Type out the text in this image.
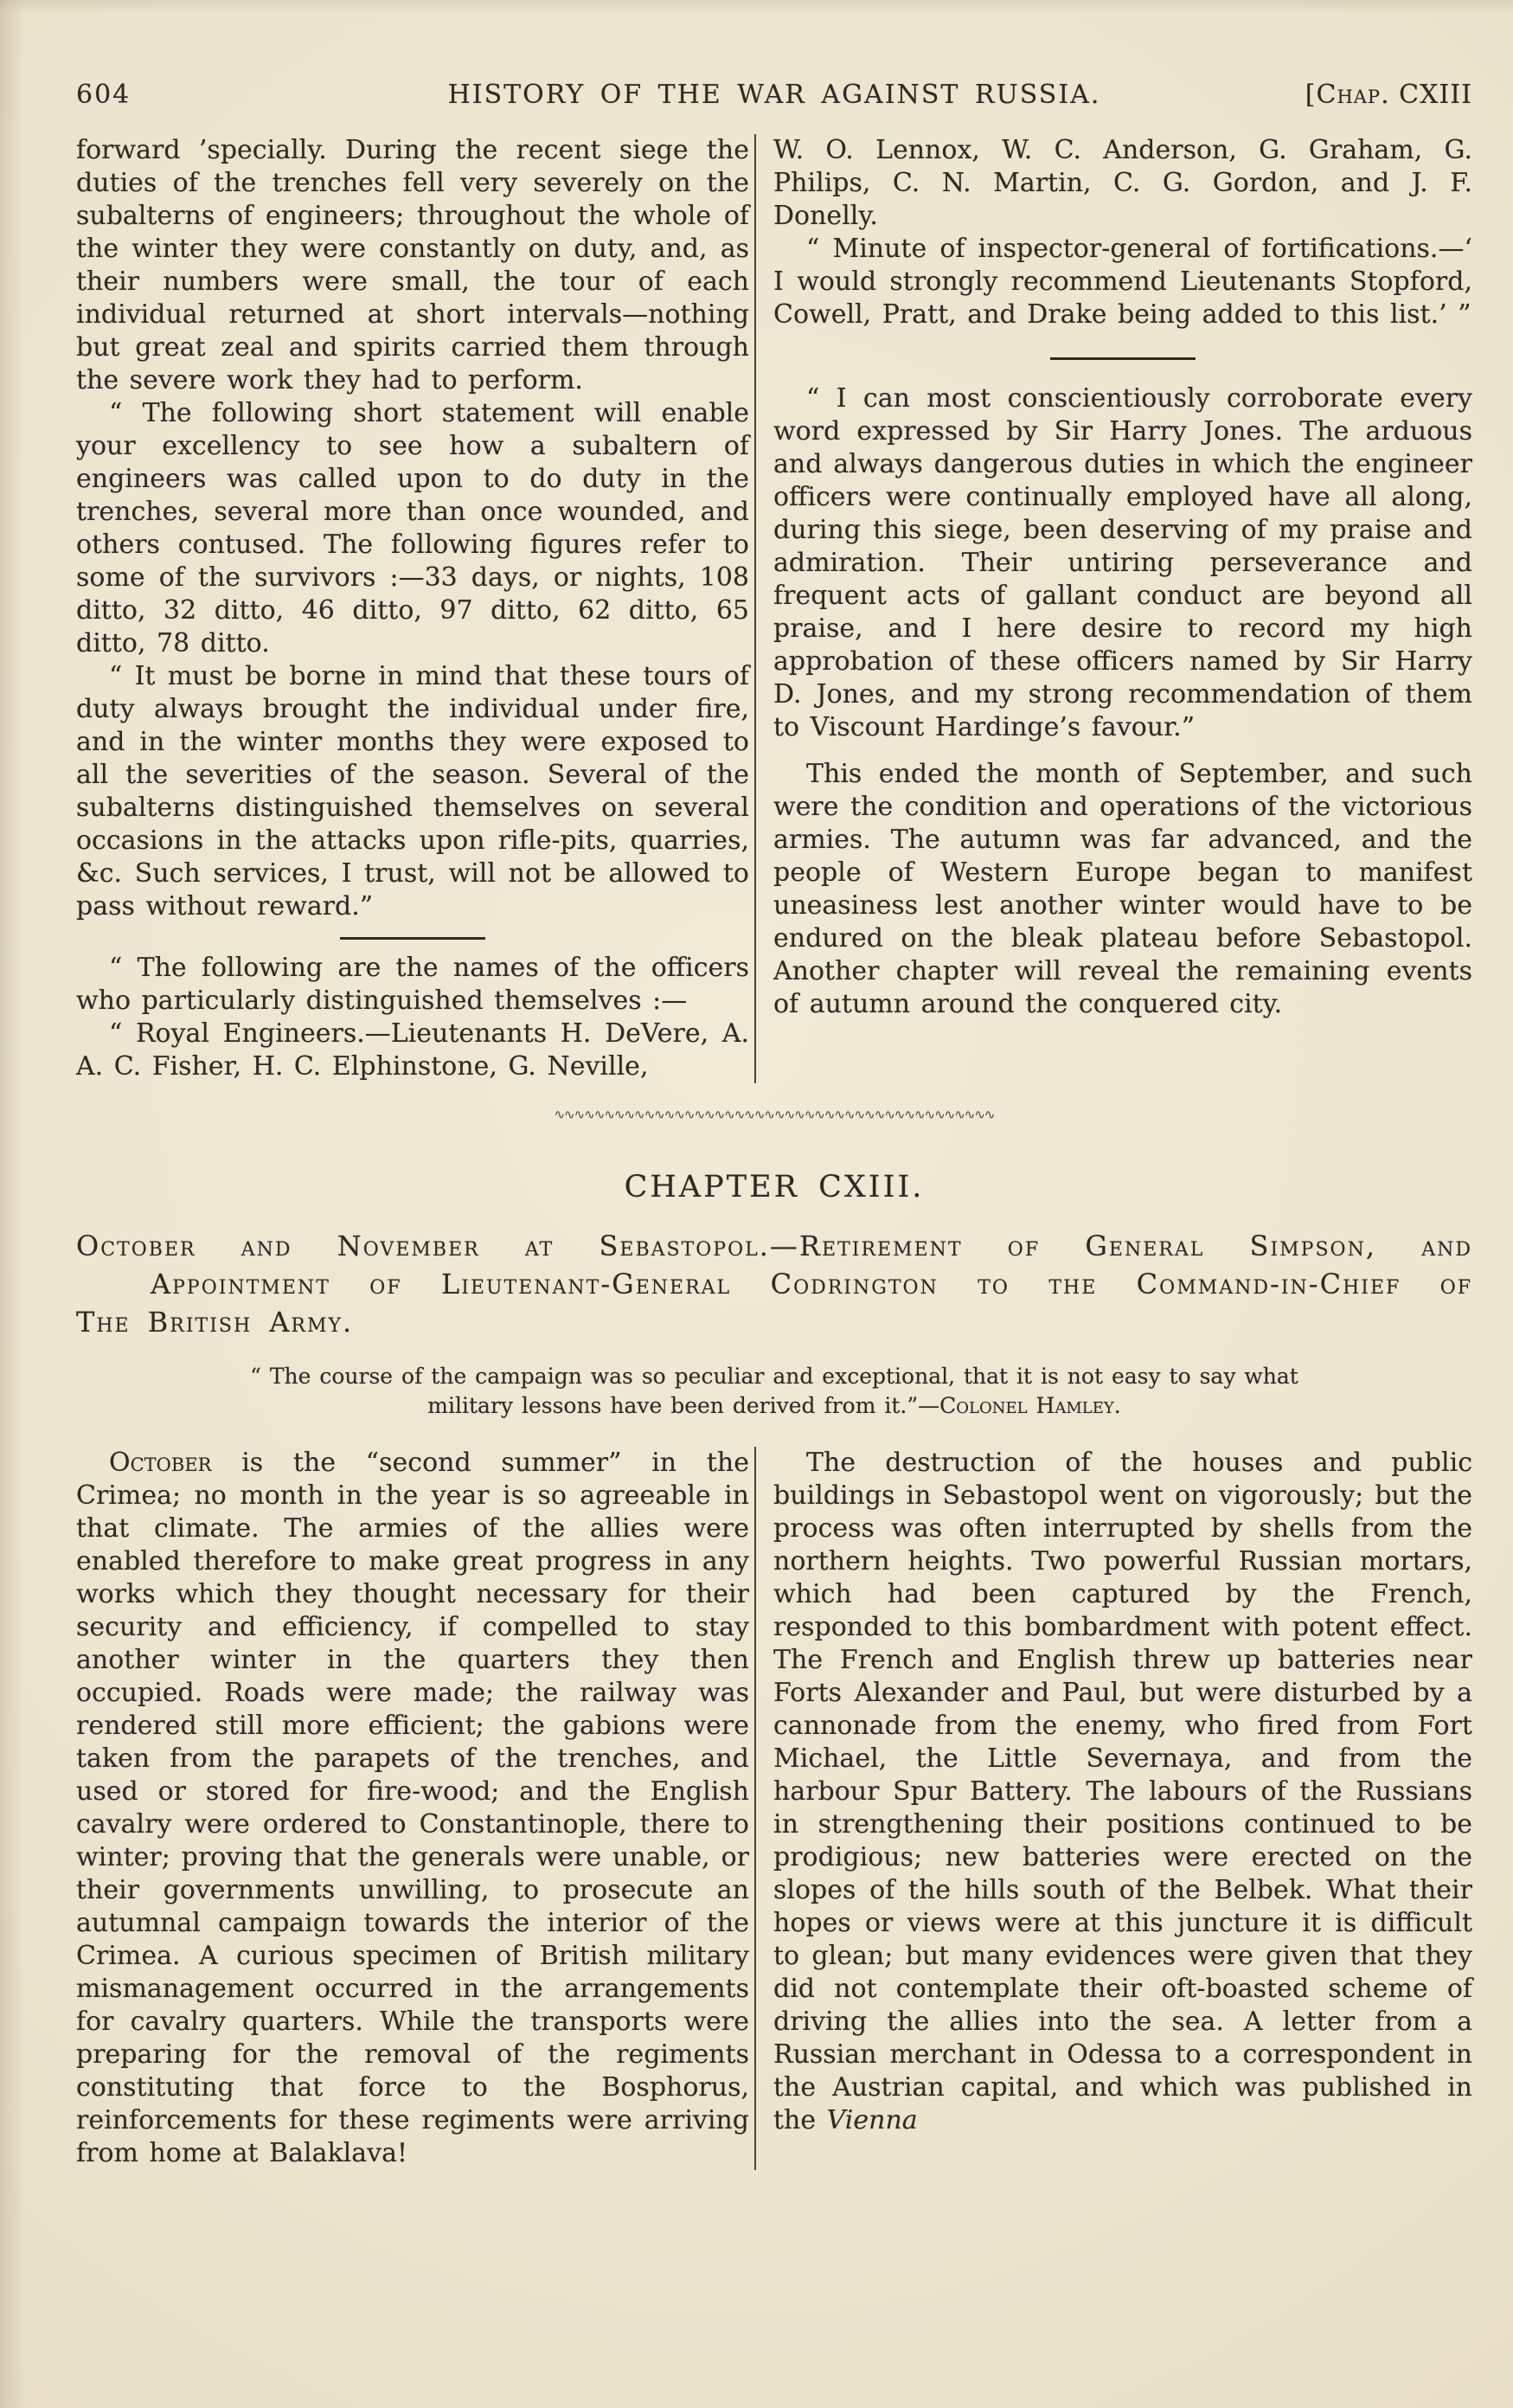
604	HISTORY OF THE WAR AGAINST RUSSIA.	[Chap. CXIII

forward ’specially. During the recent siege the duties of the trenches fell very severely on the subalterns of engineers; throughout the whole of the winter they were constantly on duty, and, as their numbers were small, the tour of each individual returned at short intervals—nothing but great zeal and spirits carried them through the severe work they had to perform.

“ The following short statement will enable your excellency to see how a subaltern of engineers was called upon to do duty in the trenches, several more than once wounded, and others contused. The following figures refer to some of the survivors :—33 days, or nights, 108 ditto, 32 ditto, 46 ditto, 97 ditto, 62 ditto, 65 ditto, 78 ditto.

“ It must be borne in mind that these tours of duty always brought the individual under fire, and in the winter months they were exposed to all the severities of the season. Several of the subalterns distinguished themselves on several occasions in the attacks upon rifle-pits, quarries, &c. Such services, I trust, will not be allowed to pass without reward.”

“ The following are the names of the officers who particularly distinguished themselves :—

“ Royal Engineers.—Lieutenants H. DeVere, A. A. C. Fisher, H. C. Elphinstone, G. Neville,

W. O. Lennox, W. C. Anderson, G. Graham, G. Philips, C. N. Martin, C. G. Gordon, and J. F. Donelly.

“ Minute of inspector-general of fortifications.—‘ I would strongly recommend Lieutenants Stopford, Cowell, Pratt, and Drake being added to this list.’ ”

“ I can most conscientiously corroborate every word expressed by Sir Harry Jones. The arduous and always dangerous duties in which the engineer officers were continually employed have all along, during this siege, been deserving of my praise and admiration. Their untiring perseverance and frequent acts of gallant conduct are beyond all praise, and I here desire to record my high approbation of these officers named by Sir Harry D. Jones, and my strong recommendation of them to Viscount Hardinge’s favour.”

This ended the month of September, and such were the condition and operations of the victorious armies. The autumn was far advanced, and the people of Western Europe began to manifest uneasiness lest another winter would have to be endured on the bleak plateau before Sebastopol. Another chapter will reveal the remaining events of autumn around the conquered city.

∿∿∿∿∿∿∿∿∿∿∿∿∿∿∿∿∿∿∿∿∿∿∿∿∿∿∿∿∿∿∿∿∿∿∿∿∿∿∿∿∿∿∿∿
CHAPTER CXIII.
October and November at Sebastopol.—Retirement of General Simpson, and
Appointment of Lieutenant-General Codrington to the Command-in-Chief of
The British Army.
“ The course of the campaign was so peculiar and exceptional, that it is not easy to say what
military lessons have been derived from it.”—Colonel Hamley.

October is the “second summer” in the Crimea; no month in the year is so agreeable in that climate. The armies of the allies were enabled therefore to make great progress in any works which they thought necessary for their security and efficiency, if compelled to stay another winter in the quarters they then occupied. Roads were made; the railway was rendered still more efficient; the gabions were taken from the parapets of the trenches, and used or stored for fire-wood; and the English cavalry were ordered to Constantinople, there to winter; proving that the generals were unable, or their governments unwilling, to prosecute an autumnal campaign towards the interior of the Crimea. A curious specimen of British military mismanagement occurred in the arrangements for cavalry quarters. While the transports were preparing for the removal of the regiments constituting that force to the Bosphorus, reinforcements for these regiments were arriving from home at Balaklava!

The destruction of the houses and public buildings in Sebastopol went on vigorously; but the process was often interrupted by shells from the northern heights. Two powerful Russian mortars, which had been captured by the French, responded to this bombardment with potent effect. The French and English threw up batteries near Forts Alexander and Paul, but were disturbed by a cannonade from the enemy, who fired from Fort Michael, the Little Severnaya, and from the harbour Spur Battery. The labours of the Russians in strengthening their positions continued to be prodigious; new batteries were erected on the slopes of the hills south of the Belbek. What their hopes or views were at this juncture it is difficult to glean; but many evidences were given that they did not contemplate their oft-boasted scheme of driving the allies into the sea. A letter from a Russian merchant in Odessa to a correspondent in the Austrian capital, and which was published in the Vienna
